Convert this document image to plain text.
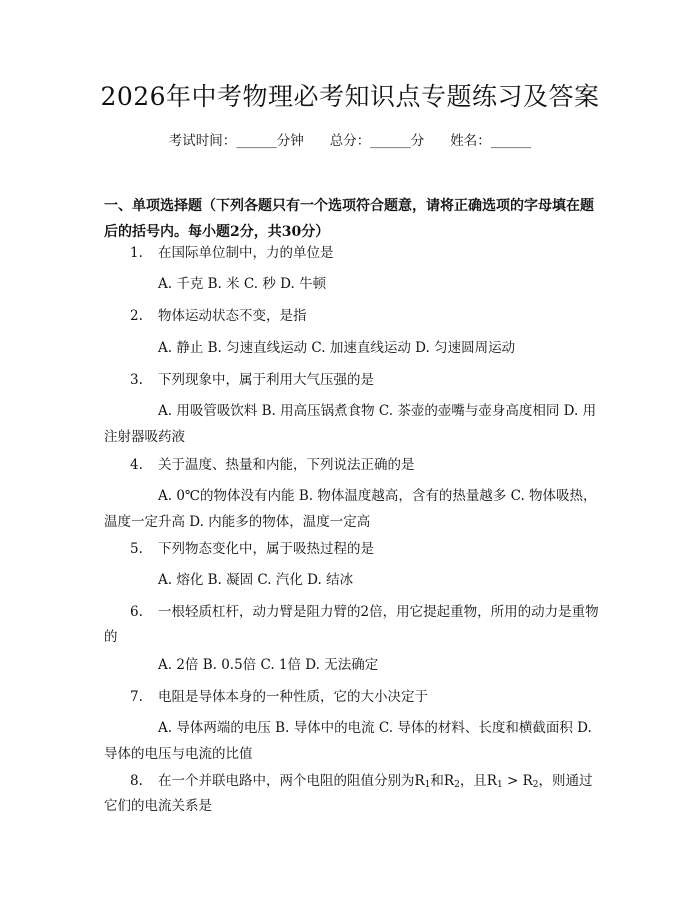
2026年中考物理必考知识点专题练习及答案
考试时间：______分钟 总分：______分 姓名：______
一、单项选择题（下列各题只有一个选项符合题意，请将正确选项的字母填在题后的括号内。每小题2分，共30分）
1. 在国际单位制中，力的单位是
A. 千克 B. 米 C. 秒 D. 牛顿
2. 物体运动状态不变，是指
A. 静止 B. 匀速直线运动 C. 加速直线运动 D. 匀速圆周运动
3. 下列现象中，属于利用大气压强的是
A. 用吸管吸饮料 B. 用高压锅煮食物 C. 茶壶的壶嘴与壶身高度相同 D. 用注射器吸药液
4. 关于温度、热量和内能，下列说法正确的是
A. 0℃的物体没有内能 B. 物体温度越高，含有的热量越多 C. 物体吸热，温度一定升高 D. 内能多的物体，温度一定高
5. 下列物态变化中，属于吸热过程的是
A. 熔化 B. 凝固 C. 汽化 D. 结冰
6. 一根轻质杠杆，动力臂是阻力臂的2倍，用它提起重物，所用的动力是重物的
A. 2倍 B. 0.5倍 C. 1倍 D. 无法确定
7. 电阻是导体本身的一种性质，它的大小决定于
A. 导体两端的电压 B. 导体中的电流 C. 导体的材料、长度和横截面积 D. 导体的电压与电流的比值
8. 在一个并联电路中，两个电阻的阻值分别为$R_1$和$R_2$，且$R_1 > R_2$，则通过它们的电流关系是
